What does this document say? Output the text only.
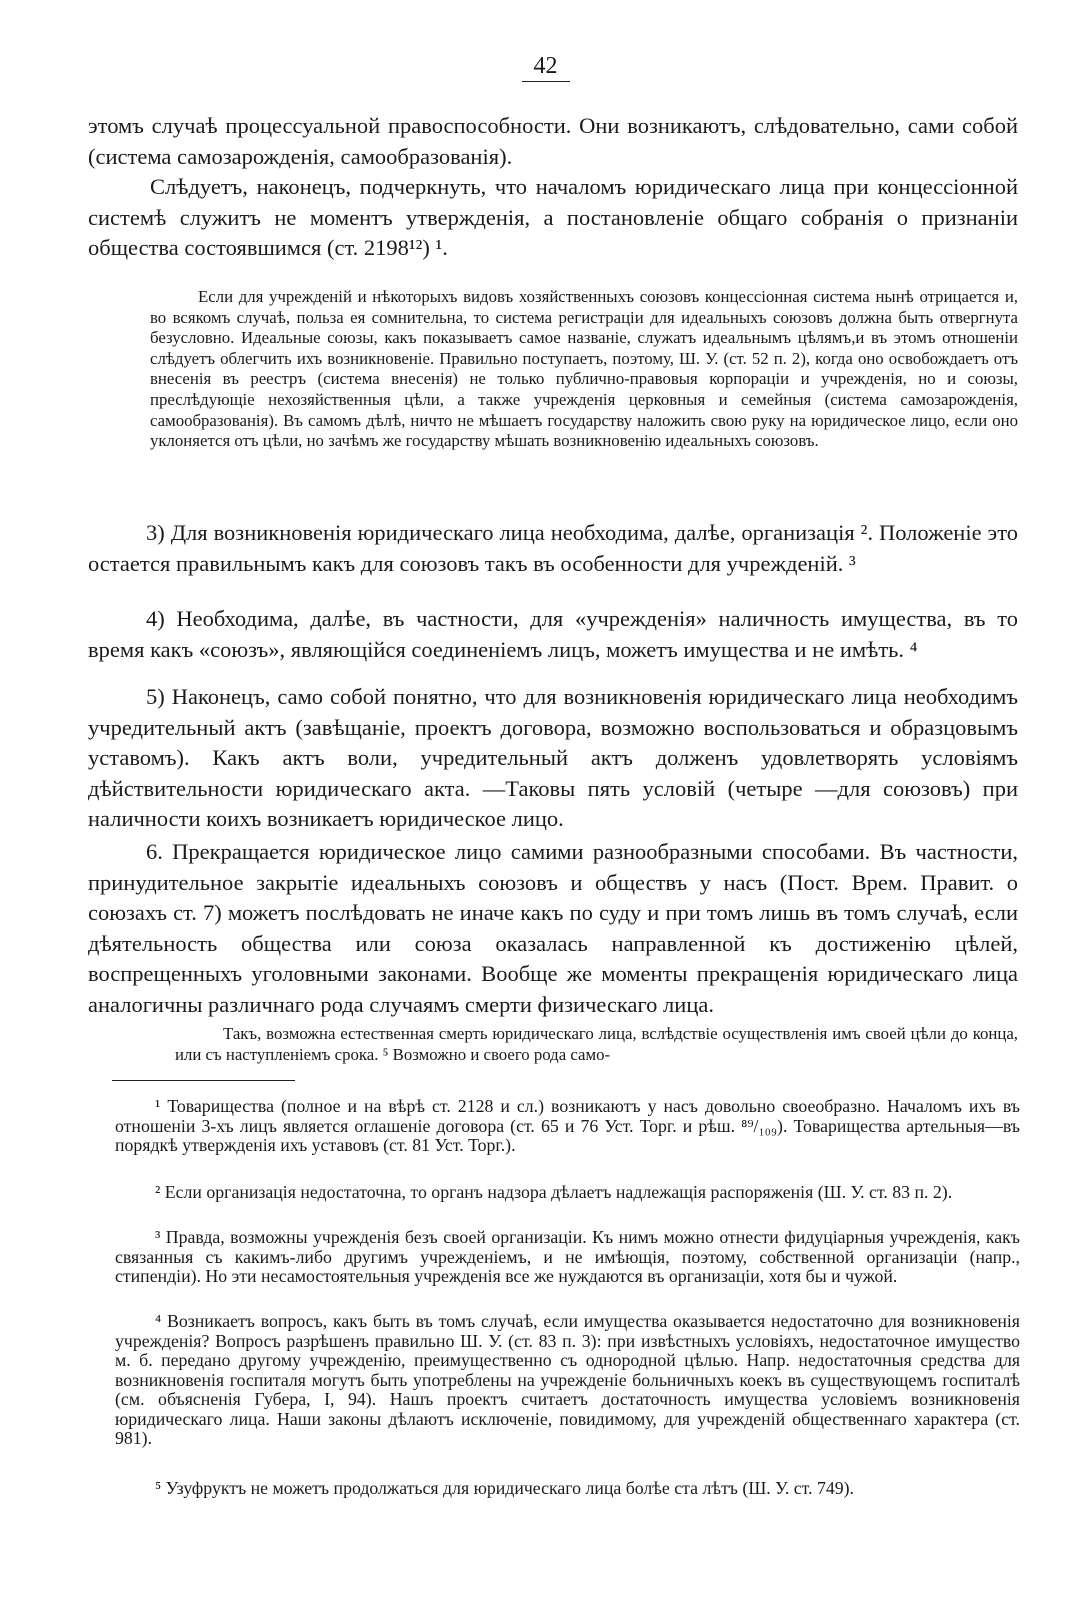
42

этомъ случаѣ процессуальной правоспособности. Они возникаютъ, слѣдовательно, сами собой (система самозарожденія, самообразованія).

Слѣдуетъ, наконецъ, подчеркнуть, что началомъ юридическаго лица при концессіонной системѣ служитъ не моментъ утвержденія, а постановленіе общаго собранія о признаніи общества состоявшимся (ст. 2198¹²) ¹.

Если для учрежденій и нѣкоторыхъ видовъ хозяйственныхъ союзовъ концессіонная система нынѣ отрицается и, во всякомъ случаѣ, польза ея сомнительна, то система регистраціи для идеальныхъ союзовъ должна быть отвергнута безусловно. Идеальные союзы, какъ показываетъ самое названіе, служатъ идеальнымъ цѣлямъ,и въ этомъ отношеніи слѣдуетъ облегчить ихъ возникновеніе. Правильно поступаетъ, поэтому, Ш. У. (ст. 52 п. 2), когда оно освобождаетъ отъ внесенія въ реестръ (система внесенія) не только публично-правовыя корпораціи и учрежденія, но и союзы, преслѣдующіе нехозяйственныя цѣли, а также учрежденія церковныя и семейныя (система самозарожденія, самообразованія). Въ самомъ дѣлѣ, ничто не мѣшаетъ государству наложить свою руку на юридическое лицо, если оно уклоняется отъ цѣли, но зачѣмъ же государству мѣшать возникновенію идеальныхъ союзовъ.

3) Для возникновенія юридическаго лица необходима, далѣе, организація ². Положеніе это остается правильнымъ какъ для союзовъ такъ въ особенности для учрежденій. ³

4) Необходима, далѣе, въ частности, для «учрежденія» наличность имущества, въ то время какъ «союзъ», являющійся соединеніемъ лицъ, можетъ имущества и не имѣть. ⁴

5) Наконецъ, само собой понятно, что для возникновенія юридическаго лица необходимъ учредительный актъ (завѣщаніе, проектъ договора, возможно воспользоваться и образцовымъ уставомъ). Какъ актъ воли, учредительный актъ долженъ удовлетворять условіямъ дѣйствительности юридическаго акта. —Таковы пять условій (четыре —для союзовъ) при наличности коихъ возникаетъ юридическое лицо.

6. Прекращается юридическое лицо самими разнообразными способами. Въ частности, принудительное закрытіе идеальныхъ союзовъ и обществъ у насъ (Пост. Врем. Правит. о союзахъ ст. 7) можетъ послѣдовать не иначе какъ по суду и при томъ лишь въ томъ случаѣ, если дѣятельность общества или союза оказалась направленной къ достиженію цѣлей, воспрещенныхъ уголовными законами. Вообще же моменты прекращенія юридическаго лица аналогичны различнаго рода случаямъ смерти физическаго лица.

Такъ, возможна естественная смерть юридическаго лица, вслѣдствіе осуществленія имъ своей цѣли до конца, или съ наступленіемъ срока. ⁵ Возможно и своего рода само-

¹ Товарищества (полное и на вѣрѣ ст. 2128 и сл.) возникаютъ у насъ довольно своеобразно. Началомъ ихъ въ отношеніи 3-хъ лицъ является оглашеніе договора (ст. 65 и 76 Уст. Торг. и рѣш. ⁸⁹/₁₀₉). Товарищества артельныя—въ порядкѣ утвержденія ихъ уставовъ (ст. 81 Уст. Торг.).

² Если организація недостаточна, то органъ надзора дѣлаетъ надлежащія распоряженія (Ш. У. ст. 83 п. 2).

³ Правда, возможны учрежденія безъ своей организаціи. Къ нимъ можно отнести фидуціарныя учрежденія, какъ связанныя съ какимъ-либо другимъ учрежденіемъ, и не имѣющія, поэтому, собственной организаціи (напр., стипендіи). Но эти несамостоятельныя учрежденія все же нуждаются въ организаціи, хотя бы и чужой.

⁴ Возникаетъ вопросъ, какъ быть въ томъ случаѣ, если имущества оказывается недостаточно для возникновенія учрежденія? Вопросъ разрѣшенъ правильно Ш. У. (ст. 83 п. 3): при извѣстныхъ условіяхъ, недостаточное имущество м. б. передано другому учрежденію, преимущественно съ однородной цѣлью. Напр. недостаточныя средства для возникновенія госпиталя могутъ быть употреблены на учрежденіе больничныхъ коекъ въ существующемъ госпиталѣ (см. объясненія Губера, I, 94). Нашъ проектъ считаетъ достаточность имущества условіемъ возникновенія юридическаго лица. Наши законы дѣлаютъ исключеніе, повидимому, для учрежденій общественнаго характера (ст. 981).

⁵ Узуфруктъ не можетъ продолжаться для юридическаго лица болѣе ста лѣтъ (Ш. У. ст. 749).
